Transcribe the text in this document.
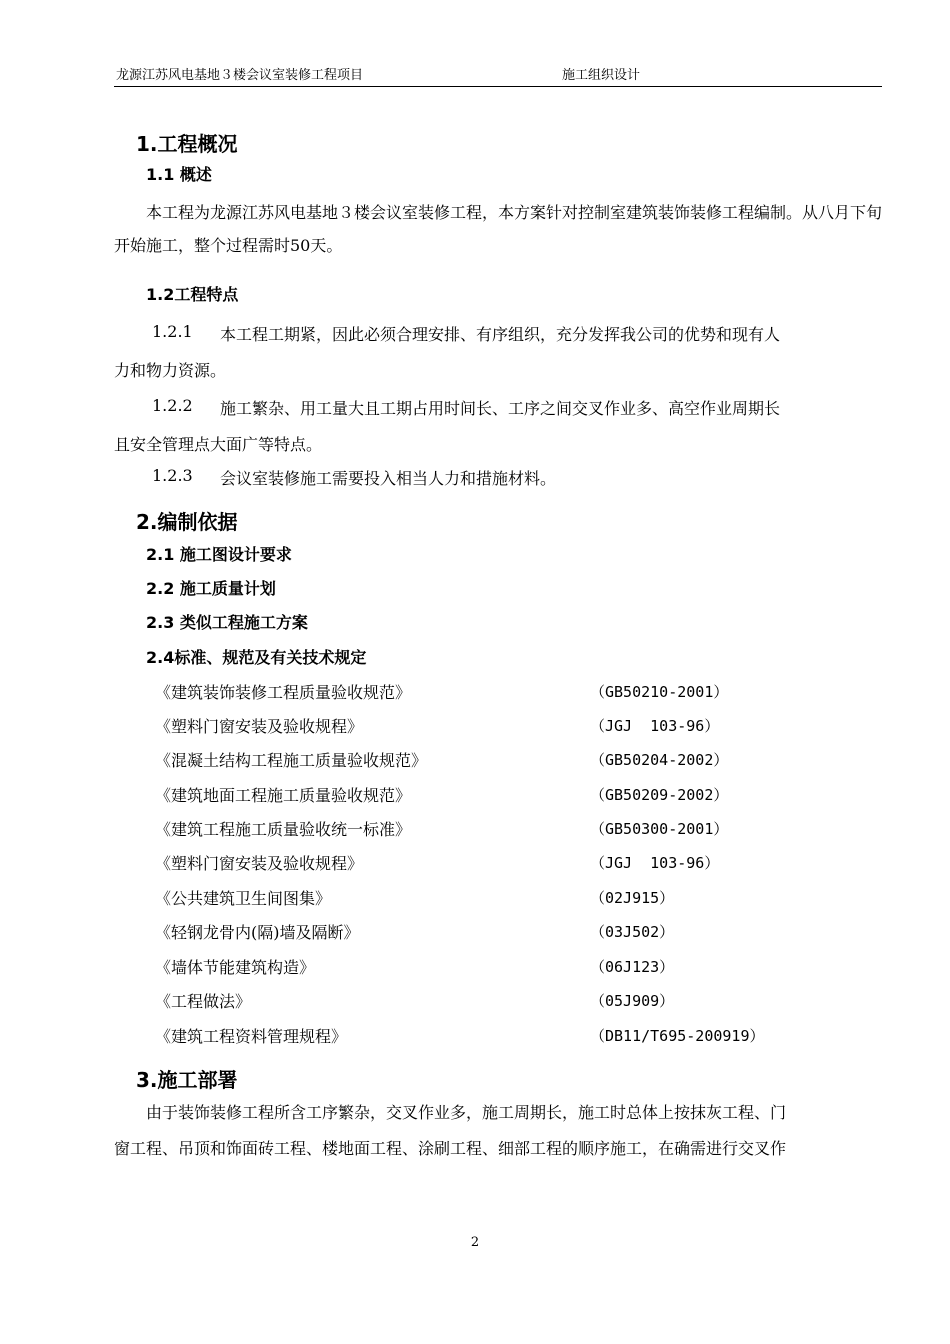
龙源江苏风电基地３楼会议室装修工程项目	施工组织设计
1.工程概况
1.1 概述
本工程为龙源江苏风电基地３楼会议室装修工程，本方案针对控制室建筑装饰装修工程编制。从八月下旬开始施工，整个过程需时50天。
1.2工程特点
1.2.1 本工程工期紧，因此必须合理安排、有序组织，充分发挥我公司的优势和现有人
力和物力资源。
1.2.2 施工繁杂、用工量大且工期占用时间长、工序之间交叉作业多、高空作业周期长
且安全管理点大面广等特点。
1.2.3 会议室装修施工需要投入相当人力和措施材料。
2.编制依据
2.1 施工图设计要求
2.2 施工质量计划
2.3 类似工程施工方案
2.4标准、规范及有关技术规定
《建筑装饰装修工程质量验收规范》	（GB50210-2001）
《塑料门窗安装及验收规程》	（JGJ  103-96）
《混凝土结构工程施工质量验收规范》	（GB50204-2002）
《建筑地面工程施工质量验收规范》	（GB50209-2002）
《建筑工程施工质量验收统一标准》	（GB50300-2001）
《塑料门窗安装及验收规程》	（JGJ  103-96）
《公共建筑卫生间图集》	（02J915）
《轻钢龙骨内(隔)墙及隔断》	（03J502）
《墙体节能建筑构造》	（06J123）
《工程做法》	（05J909）
《建筑工程资料管理规程》	（DB11/T695-200919）
3.施工部署
由于装饰装修工程所含工序繁杂，交叉作业多，施工周期长，施工时总体上按抹灰工程、门
窗工程、吊顶和饰面砖工程、楼地面工程、涂刷工程、细部工程的顺序施工，在确需进行交叉作
2
